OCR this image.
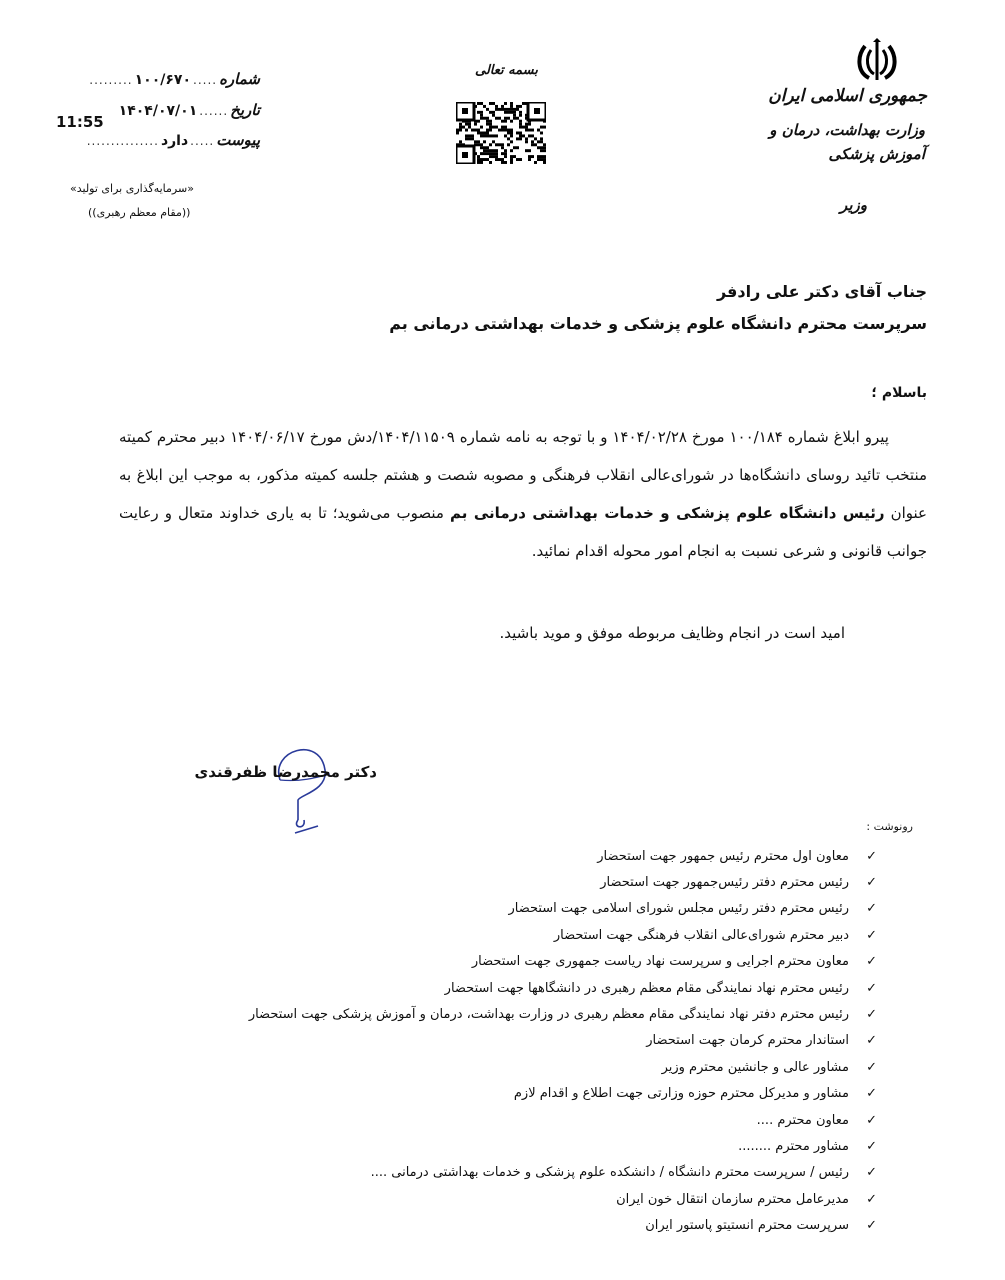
جمهوری اسلامی ایران
وزارت بهداشت، درمان و آموزش پزشکی
وزیر
بسمه تعالی
شماره
.....
۱۰۰/۶۷۰
.........
تاریخ
......
۱۴۰۴/۰۷/۰۱
پیوست
.....
دارد
...............
11:55
«سرمایه‌گذاری برای تولید»
((مقام معظم رهبری))
جناب آقای دکتر علی رادفر
سرپرست محترم دانشگاه علوم پزشکی و خدمات بهداشتی درمانی بم
باسلام ؛

پیرو ابلاغ شماره ۱۰۰/۱۸۴ مورخ ۱۴۰۴/۰۲/۲۸ و با توجه به نامه شماره ۱۴۰۴/۱۱۵۰۹/دش مورخ ۱۴۰۴/۰۶/۱۷ دبیر محترم کمیته منتخب تائید روسای دانشگاه‌ها در شورای‌عالی انقلاب فرهنگی و مصوبه شصت و هشتم جلسه کمیته مذکور، به موجب این ابلاغ به عنوان رئیس دانشگاه علوم پزشکی و خدمات بهداشتی درمانی بم منصوب می‌شوید؛ تا به یاری خداوند متعال و رعایت جوانب قانونی و شرعی نسبت به انجام امور محوله اقدام نمائید.

امید است در انجام وظایف مربوطه موفق و موید باشید.
دکتر محمدرضا ظفرقندی
رونوشت :
✓
معاون اول محترم رئیس جمهور جهت استحضار
✓
رئیس محترم دفتر رئیس‌جمهور جهت استحضار
✓
رئیس محترم دفتر رئیس مجلس شورای اسلامی جهت استحضار
✓
دبیر محترم شورای‌عالی انقلاب فرهنگی جهت استحضار
✓
معاون محترم اجرایی و سرپرست نهاد ریاست جمهوری جهت استحضار
✓
رئیس محترم نهاد نمایندگی مقام معظم رهبری در دانشگاهها جهت استحضار
✓
رئیس محترم دفتر نهاد نمایندگی مقام معظم رهبری در وزارت بهداشت، درمان و آموزش پزشکی جهت استحضار
✓
استاندار محترم کرمان جهت استحضار
✓
مشاور عالی و جانشین محترم وزیر
✓
مشاور و مدیرکل محترم حوزه وزارتی جهت اطلاع و اقدام لازم
✓
معاون محترم ....
✓
مشاور محترم ........
✓
رئیس / سرپرست محترم دانشگاه / دانشکده علوم پزشکی و خدمات بهداشتی درمانی ....
✓
مدیرعامل محترم سازمان انتقال خون ایران
✓
سرپرست محترم انستیتو پاستور ایران
